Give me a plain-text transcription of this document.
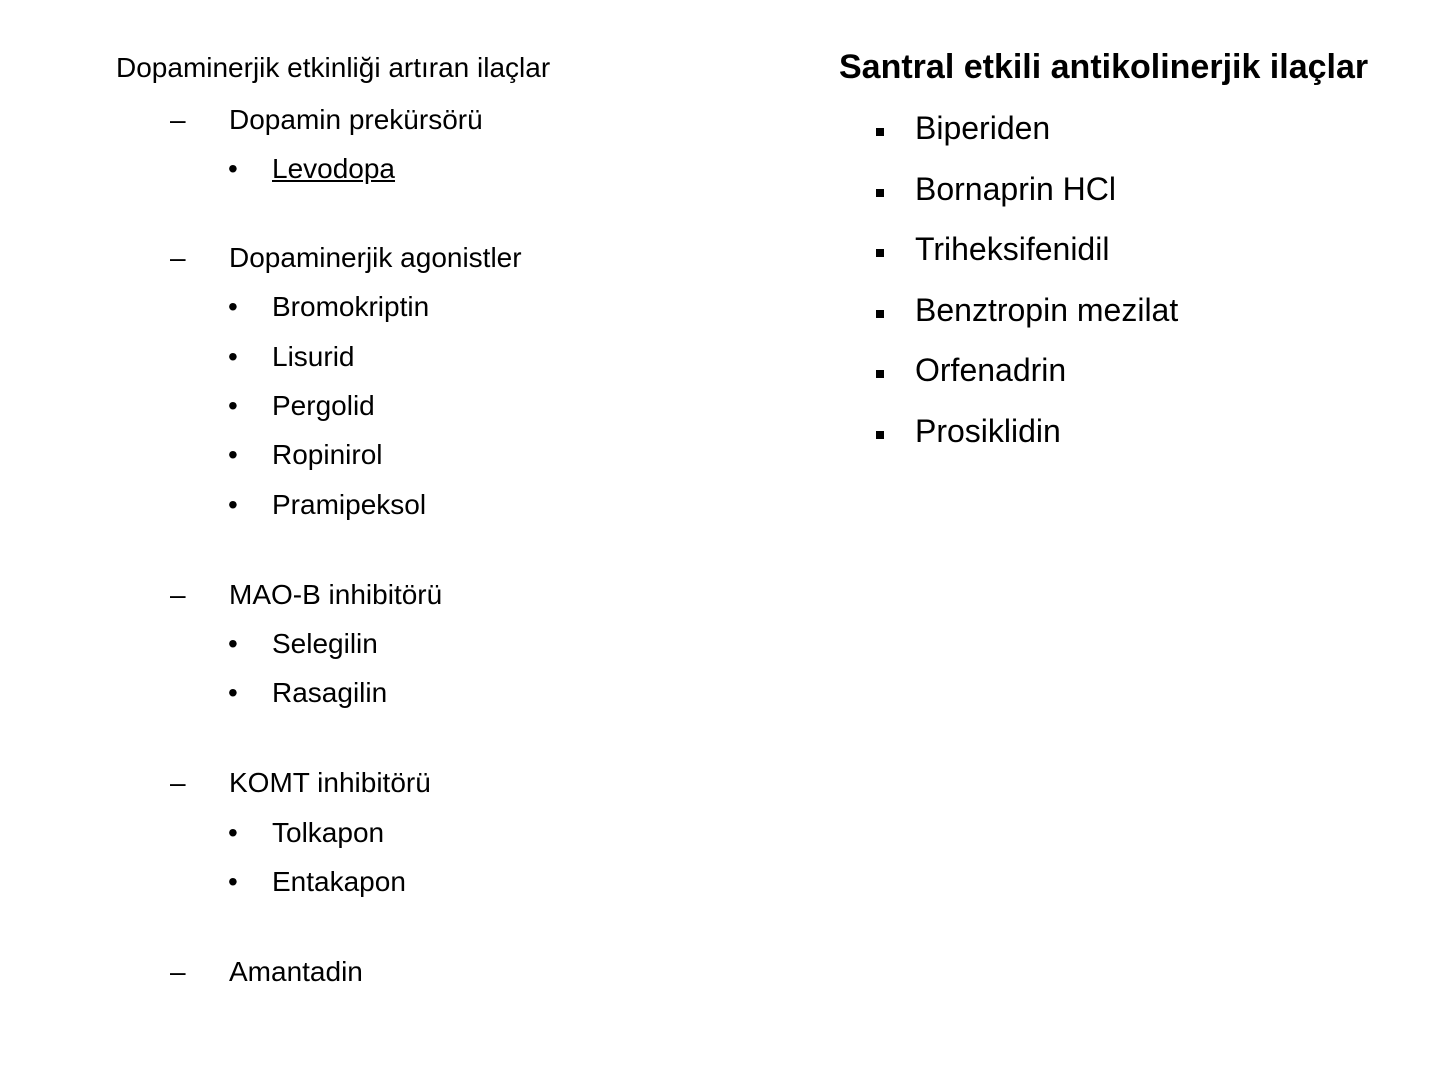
Dopaminerjik etkinliği artıran ilaçlar
– Dopamin prekürsörü
• Levodopa
– Dopaminerjik agonistler
• Bromokriptin
• Lisurid
• Pergolid
• Ropinirol
• Pramipeksol
– MAO-B inhibitörü
• Selegilin
• Rasagilin
– KOMT inhibitörü
• Tolkapon
• Entakapon
– Amantadin
Santral etkili antikolinerjik ilaçlar
Biperiden
Bornaprin HCl
Triheksifenidil
Benztropin mezilat
Orfenadrin
Prosiklidin
